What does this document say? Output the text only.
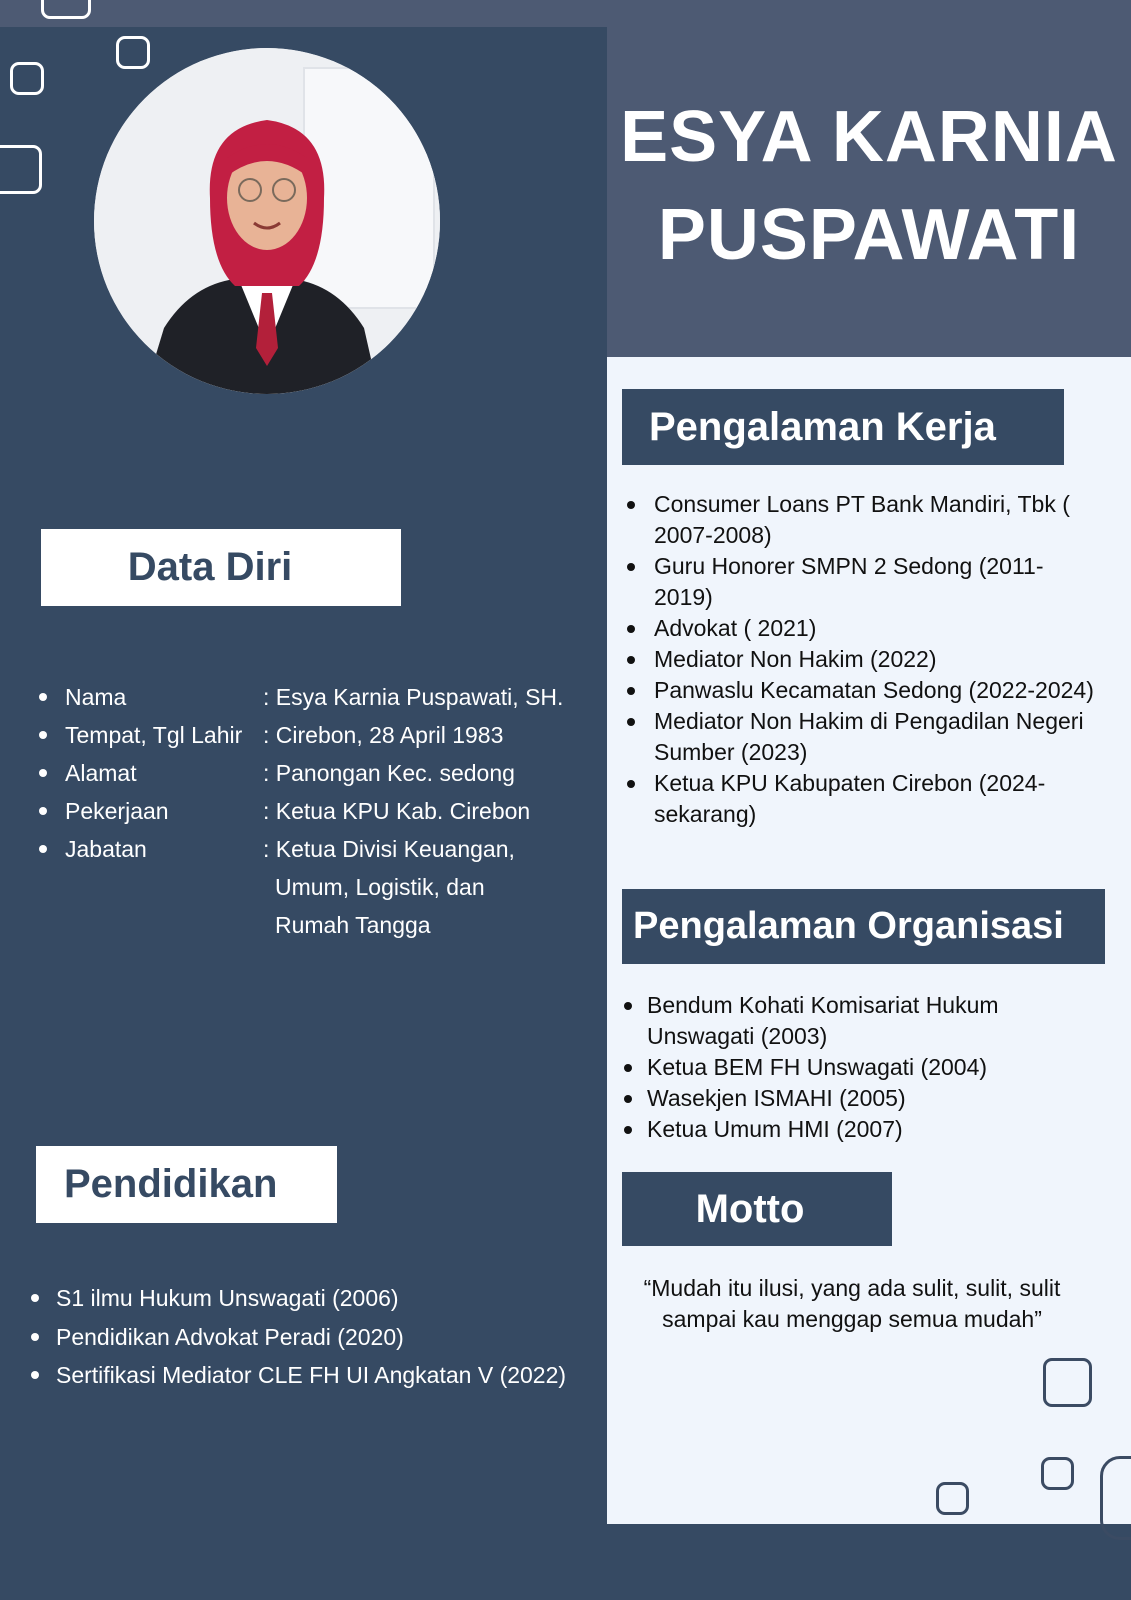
ESYA KARNIA
PUSPAWATI
Data Diri
Nama	: Esya Karnia Puspawati, SH.
Tempat, Tgl Lahir : Cirebon, 28 April 1983
Alamat	: Panongan Kec. sedong
Pekerjaan	: Ketua KPU Kab. Cirebon
Jabatan	: Ketua Divisi Keuangan,
Umum, Logistik, dan
Rumah Tangga
Pendidikan
S1 ilmu Hukum Unswagati (2006)
Pendidikan Advokat Peradi (2020)
Sertifikasi Mediator CLE FH UI Angkatan V (2022)
Pengalaman Kerja
Consumer Loans PT Bank Mandiri, Tbk ( 2007-2008)
Guru Honorer SMPN 2 Sedong (2011-2019)
Advokat ( 2021)
Mediator Non Hakim (2022)
Panwaslu Kecamatan Sedong (2022-2024)
Mediator Non Hakim di Pengadilan Negeri Sumber (2023)
Ketua KPU Kabupaten Cirebon (2024-sekarang)
Pengalaman Organisasi
Bendum Kohati Komisariat Hukum Unswagati (2003)
Ketua BEM FH Unswagati (2004)
Wasekjen ISMAHI (2005)
Ketua Umum HMI (2007)
Motto

“Mudah itu ilusi, yang ada sulit, sulit, sulit sampai kau menggap semua mudah”
